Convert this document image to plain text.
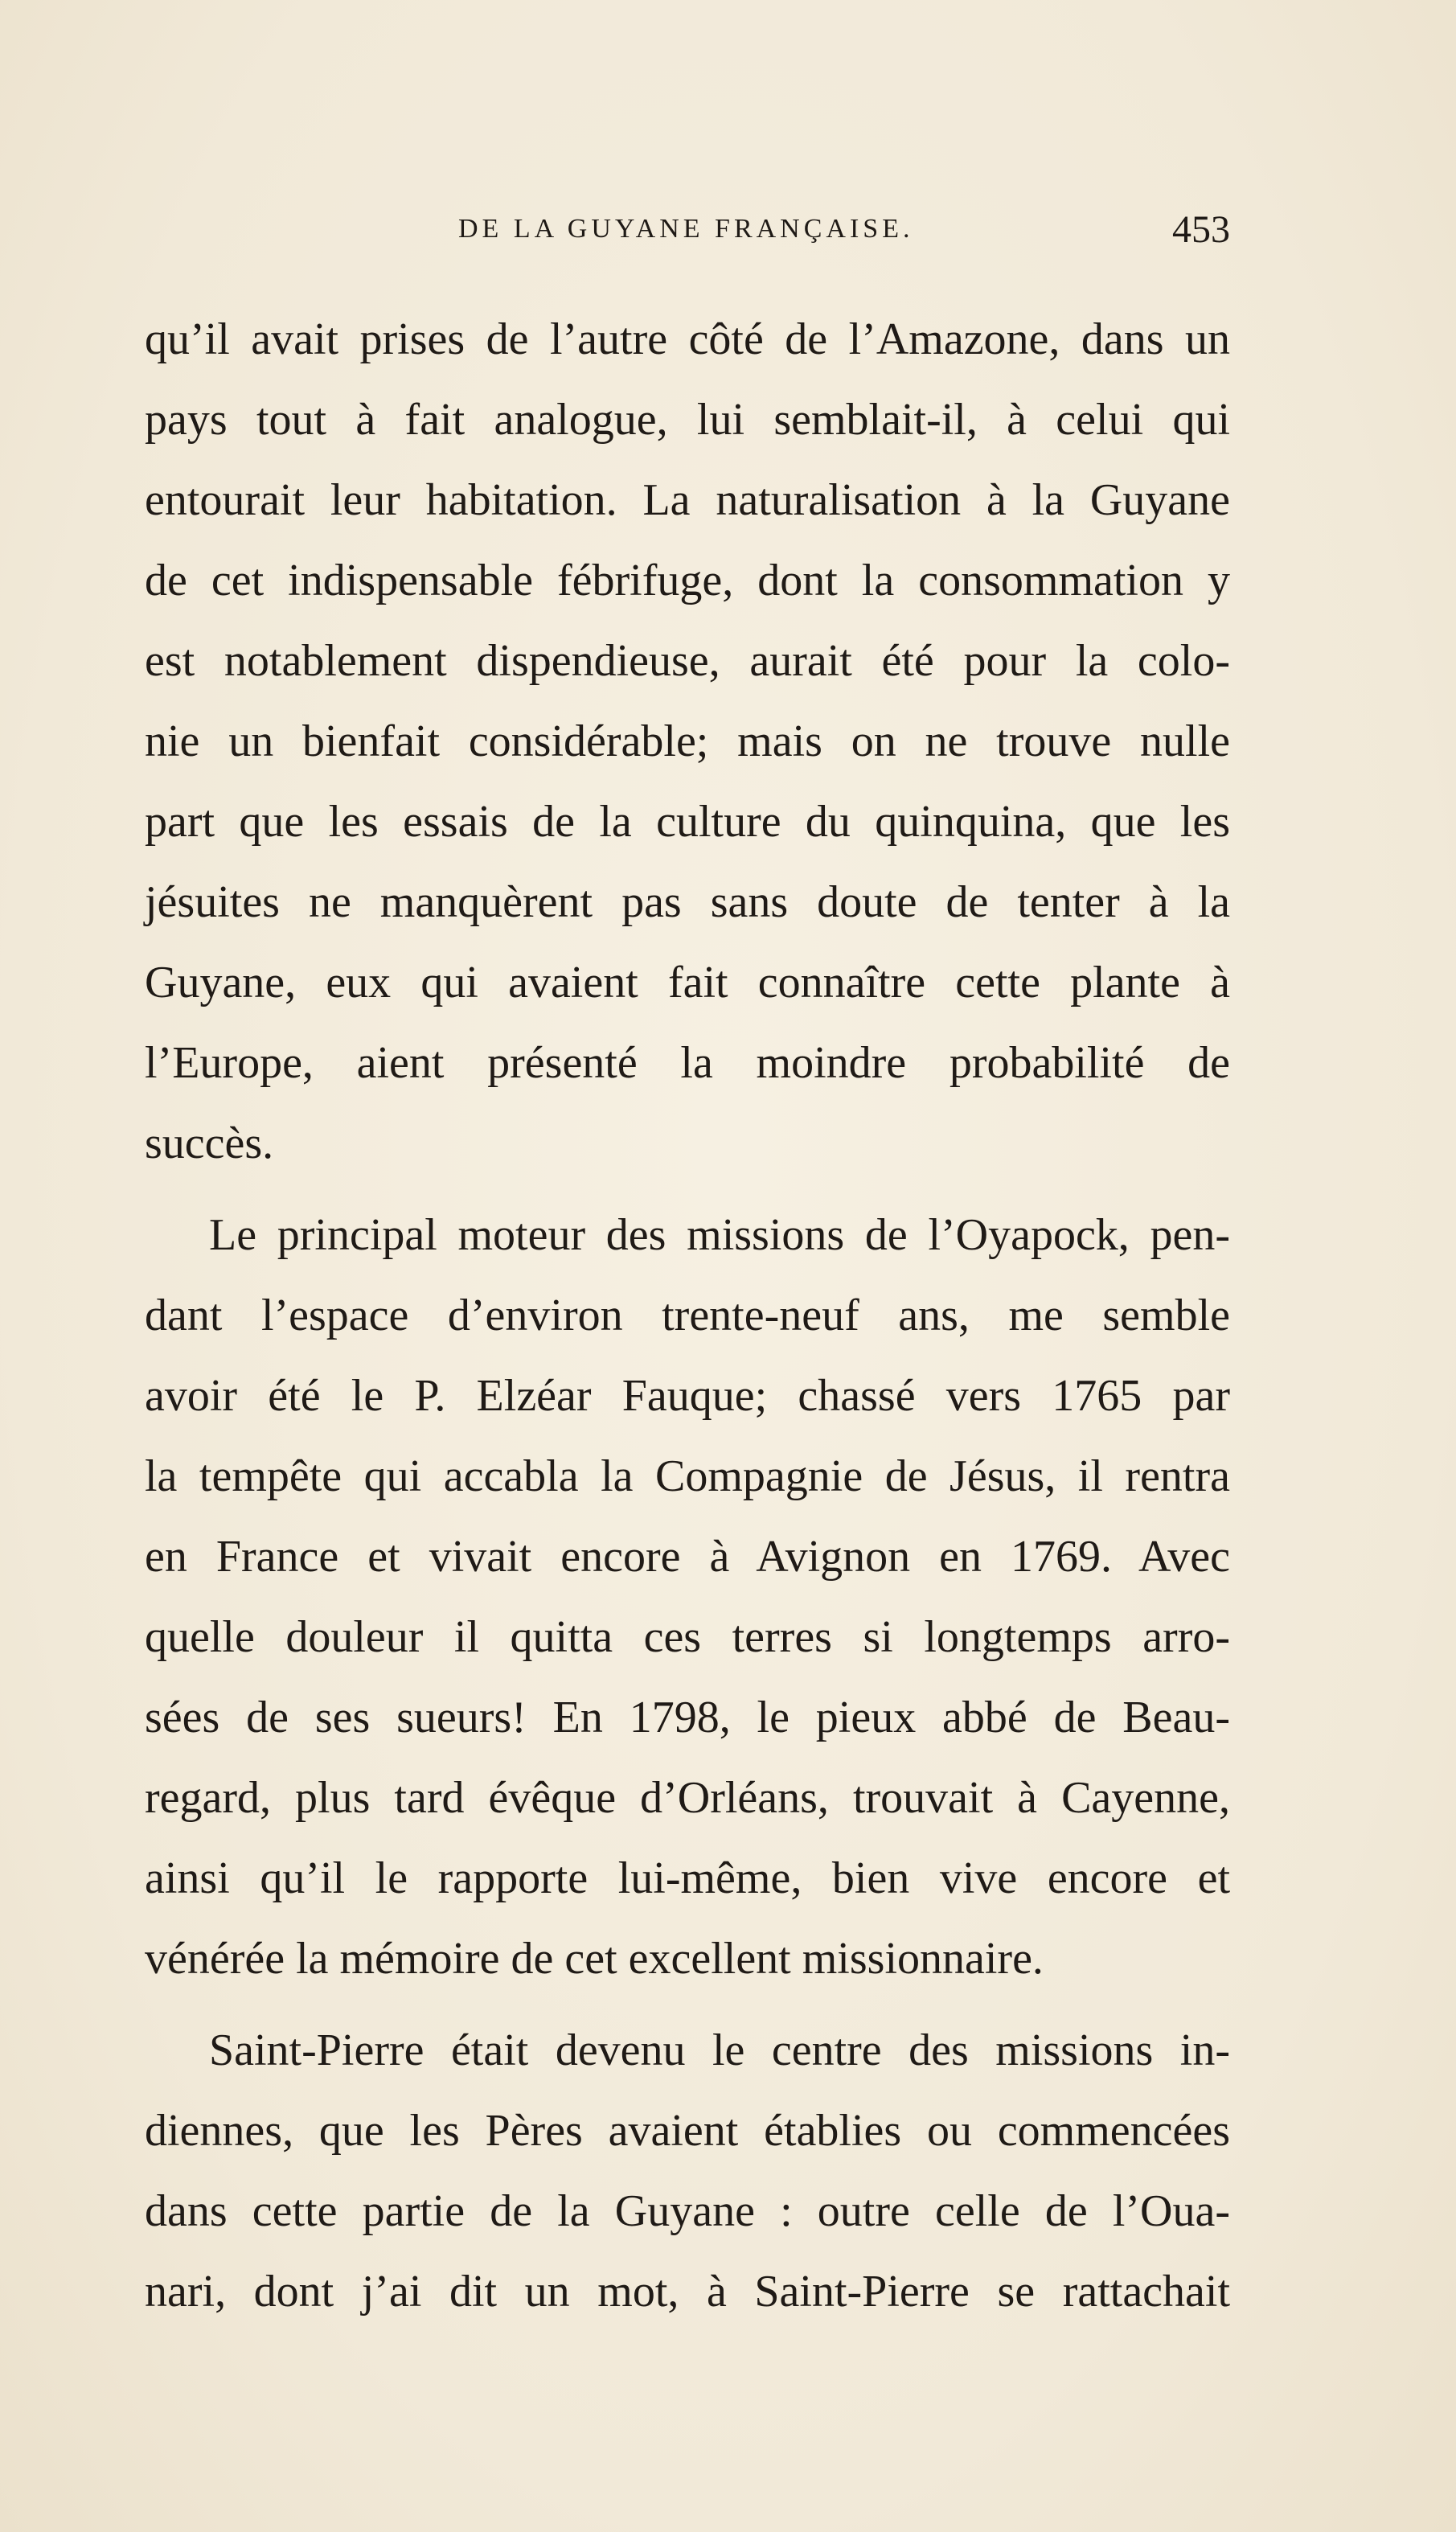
DE LA GUYANE FRANÇAISE.	453
qu’il avait prises de l’autre côté de l’Amazone, dans un
pays tout à fait analogue, lui semblait-il, à celui qui
entourait leur habitation. La naturalisation à la Guyane
de cet indispensable fébrifuge, dont la consommation y
est notablement dispendieuse, aurait été pour la colo-
nie un bienfait considérable; mais on ne trouve nulle
part que les essais de la culture du quinquina, que les
jésuites ne manquèrent pas sans doute de tenter à la
Guyane, eux qui avaient fait connaître cette plante à
l’Europe, aient présenté la moindre probabilité de
succès.
Le principal moteur des missions de l’Oyapock, pen-
dant l’espace d’environ trente-neuf ans, me semble
avoir été le P. Elzéar Fauque; chassé vers 1765 par
la tempête qui accabla la Compagnie de Jésus, il rentra
en France et vivait encore à Avignon en 1769. Avec
quelle douleur il quitta ces terres si longtemps arro-
sées de ses sueurs! En 1798, le pieux abbé de Beau-
regard, plus tard évêque d’Orléans, trouvait à Cayenne,
ainsi qu’il le rapporte lui-même, bien vive encore et
vénérée la mémoire de cet excellent missionnaire.
Saint-Pierre était devenu le centre des missions in-
diennes, que les Pères avaient établies ou commencées
dans cette partie de la Guyane : outre celle de l’Oua-
nari, dont j’ai dit un mot, à Saint-Pierre se rattachait
